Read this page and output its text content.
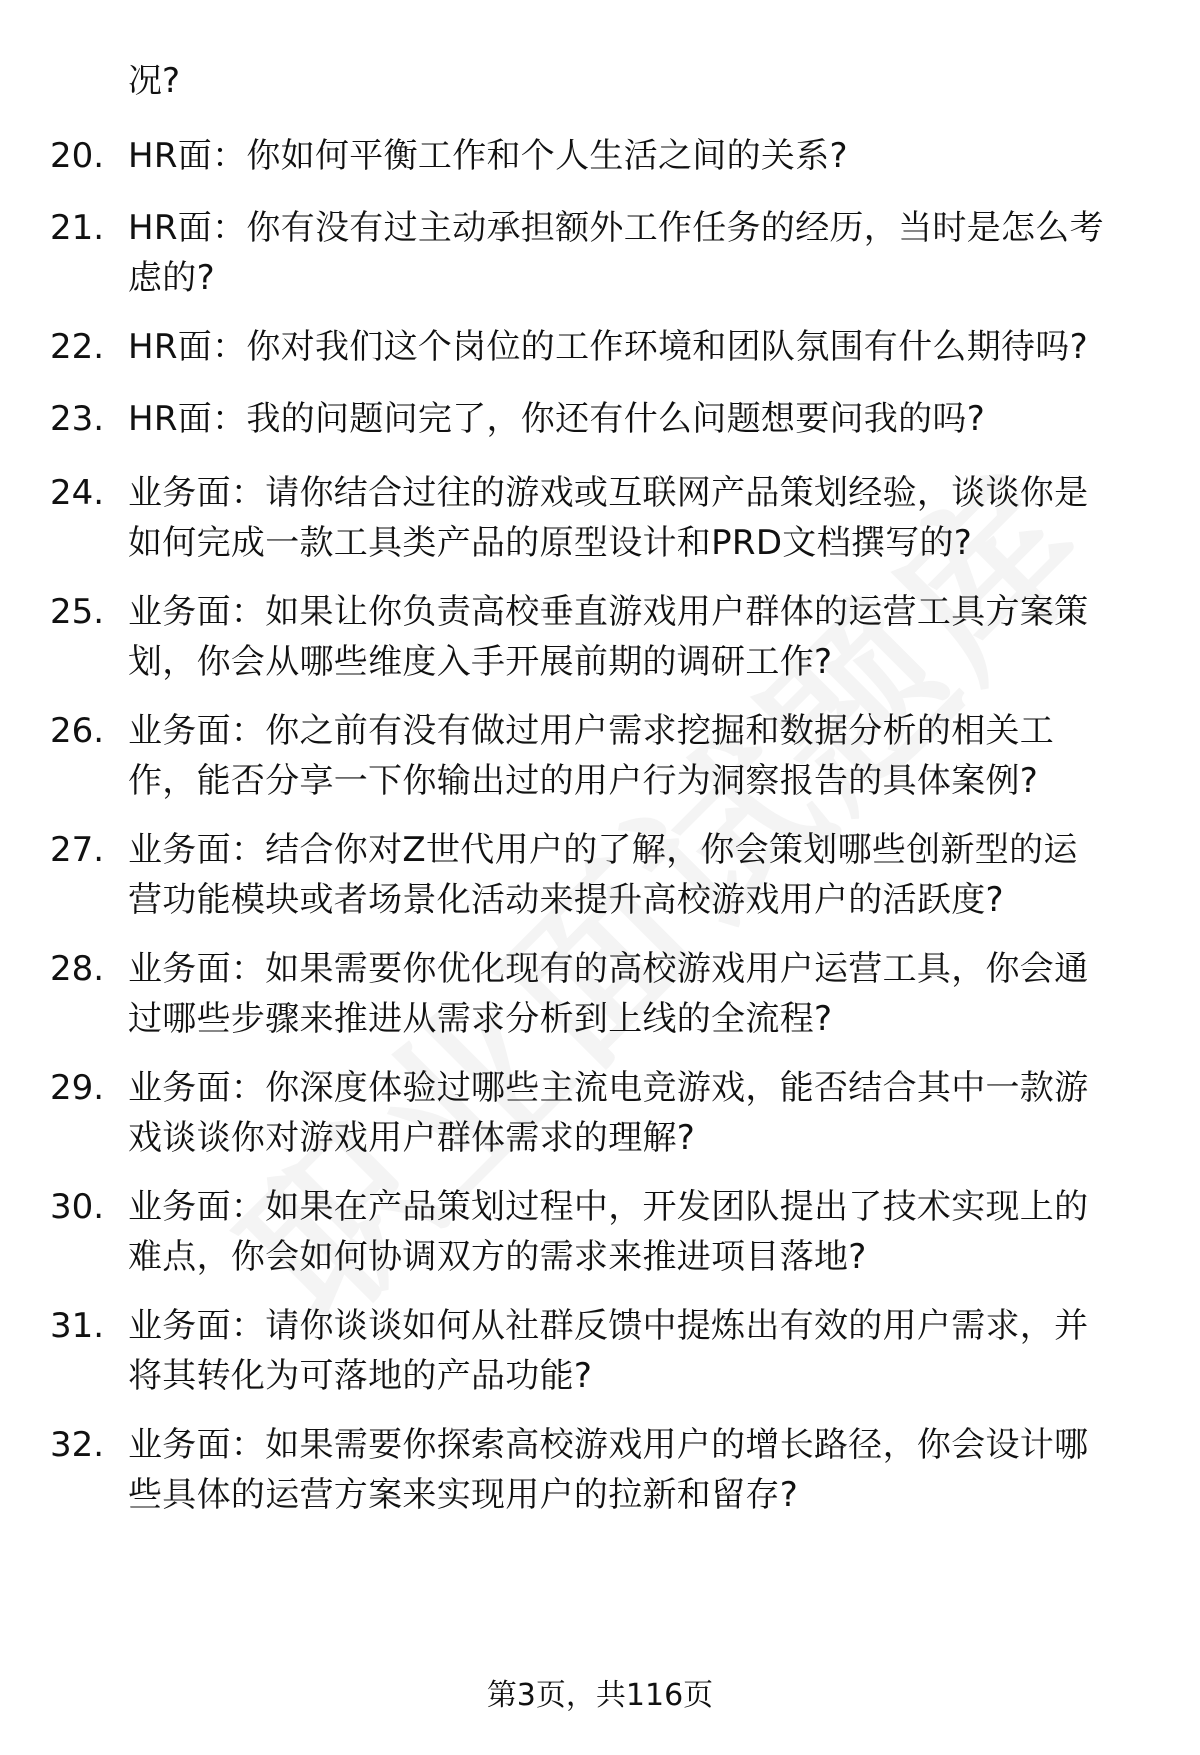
况?
20. HR面：你如何平衡工作和个人生活之间的关系?
21. HR面：你有没有过主动承担额外工作任务的经历，当时是怎么考
虑的?
22. HR面：你对我们这个岗位的工作环境和团队氛围有什么期待吗?
23. HR面：我的问题问完了，你还有什么问题想要问我的吗?
24. 业务面：请你结合过往的游戏或互联网产品策划经验，谈谈你是
如何完成一款工具类产品的原型设计和PRD文档撰写的?
25. 业务面：如果让你负责高校垂直游戏用户群体的运营工具方案策
划，你会从哪些维度入手开展前期的调研工作?
26. 业务面：你之前有没有做过用户需求挖掘和数据分析的相关工
作，能否分享一下你输出过的用户行为洞察报告的具体案例?
27. 业务面：结合你对Z世代用户的了解，你会策划哪些创新型的运
营功能模块或者场景化活动来提升高校游戏用户的活跃度?
28. 业务面：如果需要你优化现有的高校游戏用户运营工具，你会通
过哪些步骤来推进从需求分析到上线的全流程?
29. 业务面：你深度体验过哪些主流电竞游戏，能否结合其中一款游
戏谈谈你对游戏用户群体需求的理解?
30. 业务面：如果在产品策划过程中，开发团队提出了技术实现上的
难点，你会如何协调双方的需求来推进项目落地?
31. 业务面：请你谈谈如何从社群反馈中提炼出有效的用户需求，并
将其转化为可落地的产品功能?
32. 业务面：如果需要你探索高校游戏用户的增长路径，你会设计哪
些具体的运营方案来实现用户的拉新和留存?
第3页，共116页
